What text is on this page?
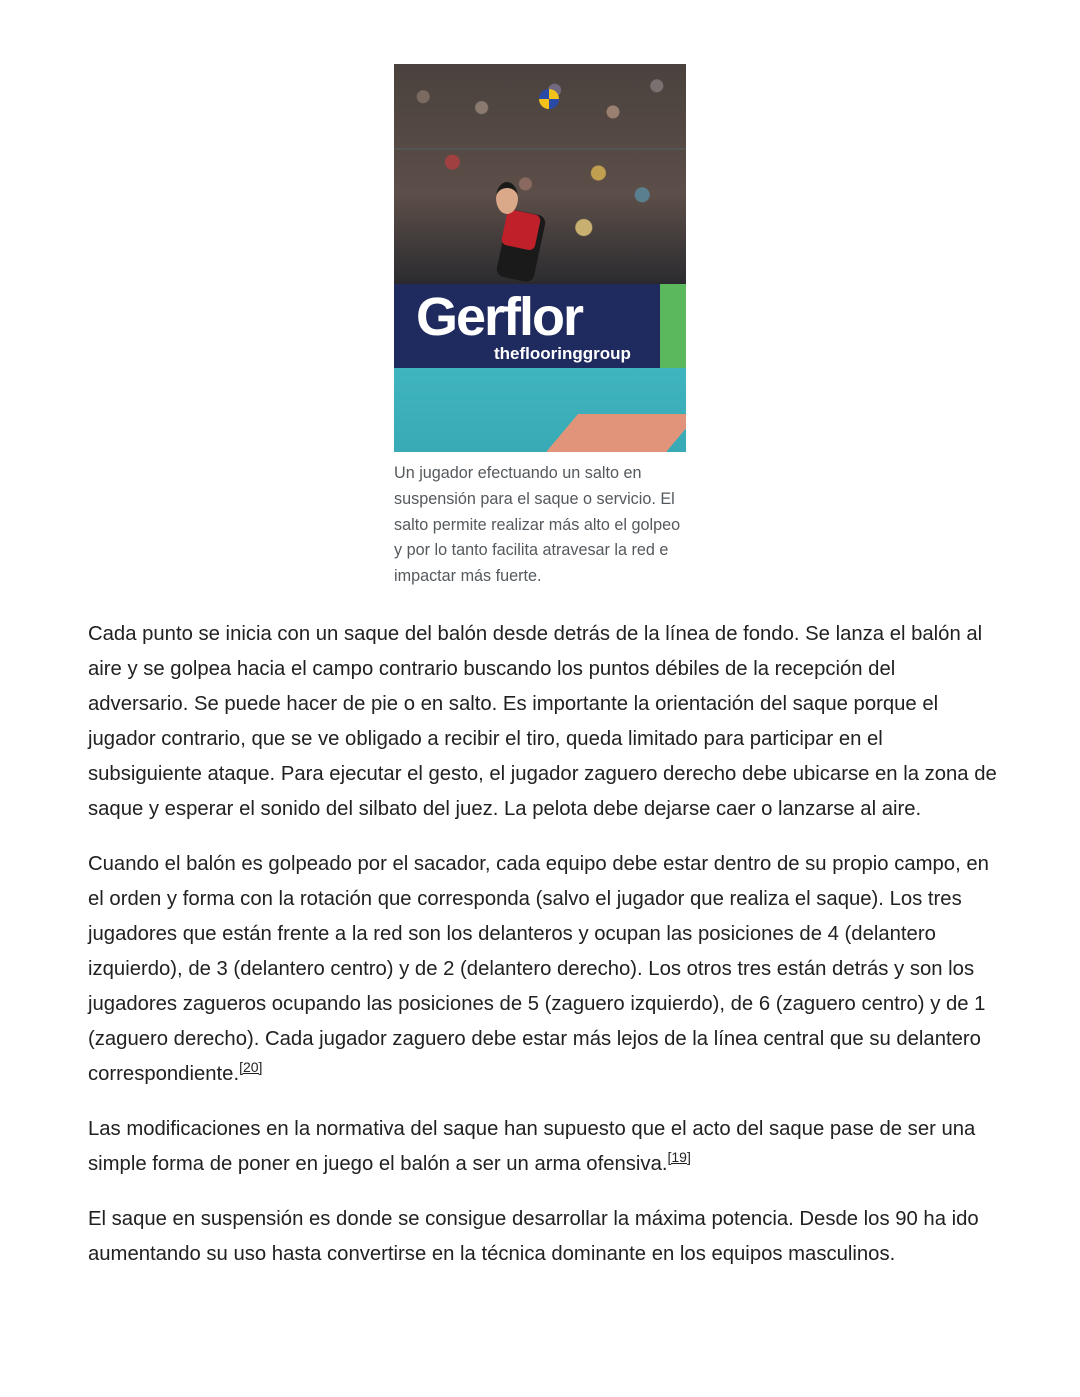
Gerflor
theflooringgroup
Un jugador efectuando un salto en suspensión para el saque o servicio. El salto permite realizar más alto el golpeo y por lo tanto facilita atravesar la red e impactar más fuerte.

Cada punto se inicia con un saque del balón desde detrás de la línea de fondo. Se lanza el balón al aire y se golpea hacia el campo contrario buscando los puntos débiles de la recepción del adversario. Se puede hacer de pie o en salto. Es importante la orientación del saque porque el jugador contrario, que se ve obligado a recibir el tiro, queda limitado para participar en el subsiguiente ataque. Para ejecutar el gesto, el jugador zaguero derecho debe ubicarse en la zona de saque y esperar el sonido del silbato del juez. La pelota debe dejarse caer o lanzarse al aire.

Cuando el balón es golpeado por el sacador, cada equipo debe estar dentro de su propio campo, en el orden y forma con la rotación que corresponda (salvo el jugador que realiza el saque). Los tres jugadores que están frente a la red son los delanteros y ocupan las posiciones de 4 (delantero izquierdo), de 3 (delantero centro) y de 2 (delantero derecho). Los otros tres están detrás y son los jugadores zagueros ocupando las posiciones de 5 (zaguero izquierdo), de 6 (zaguero centro) y de 1 (zaguero derecho). Cada jugador zaguero debe estar más lejos de la línea central que su delantero correspondiente.[20]

Las modificaciones en la normativa del saque han supuesto que el acto del saque pase de ser una simple forma de poner en juego el balón a ser un arma ofensiva.[19]

El saque en suspensión es donde se consigue desarrollar la máxima potencia. Desde los 90 ha ido aumentando su uso hasta convertirse en la técnica dominante en los equipos masculinos.
